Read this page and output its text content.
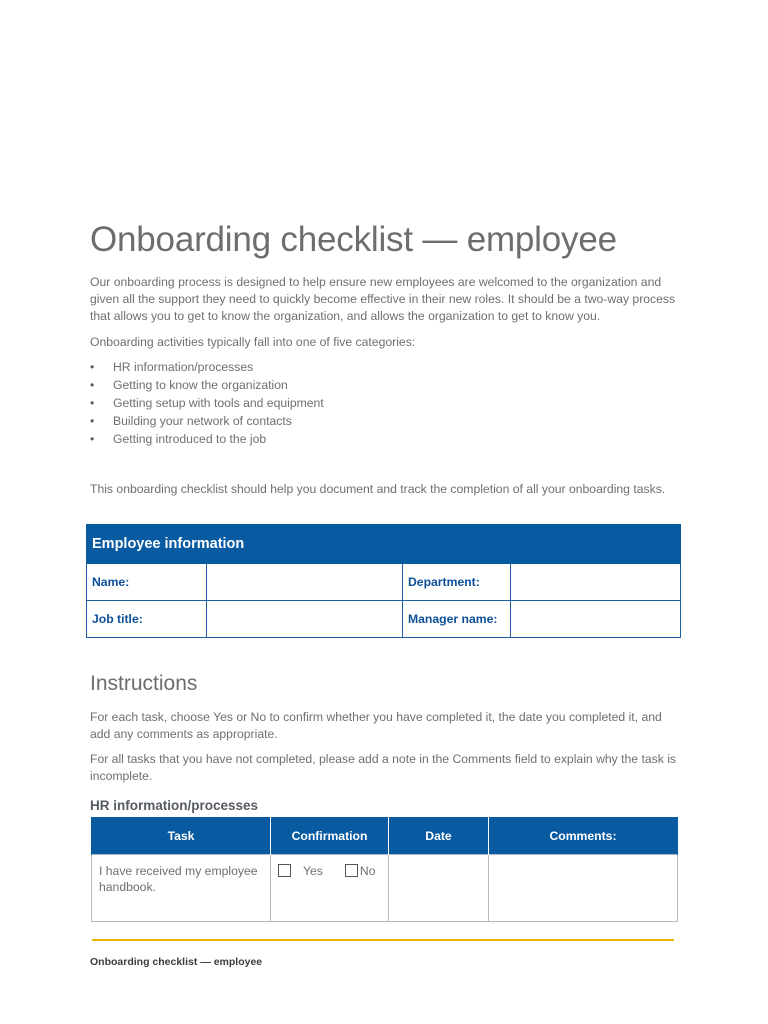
Onboarding checklist — employee

Our onboarding process is designed to help ensure new employees are welcomed to the organization and given all the support they need to quickly become effective in their new roles. It should be a two-way process that allows you to get to know the organization, and allows the organization to get to know you.

Onboarding activities typically fall into one of five categories:

• HR information/processes
• Getting to know the organization
• Getting setup with tools and equipment
• Building your network of contacts
• Getting introduced to the job

This onboarding checklist should help you document and track the completion of all your onboarding tasks.

Employee information			
Name:		Department:	
Job title:		Manager name:	
Instructions

For each task, choose Yes or No to confirm whether you have completed it, the date you completed it, and add any comments as appropriate.

For all tasks that you have not completed, please add a note in the Comments field to explain why the task is incomplete.

HR information/processes
Task	Confirmation	Date	Comments:
I have received my employee handbook.	Yes No		

Onboarding checklist — employee
